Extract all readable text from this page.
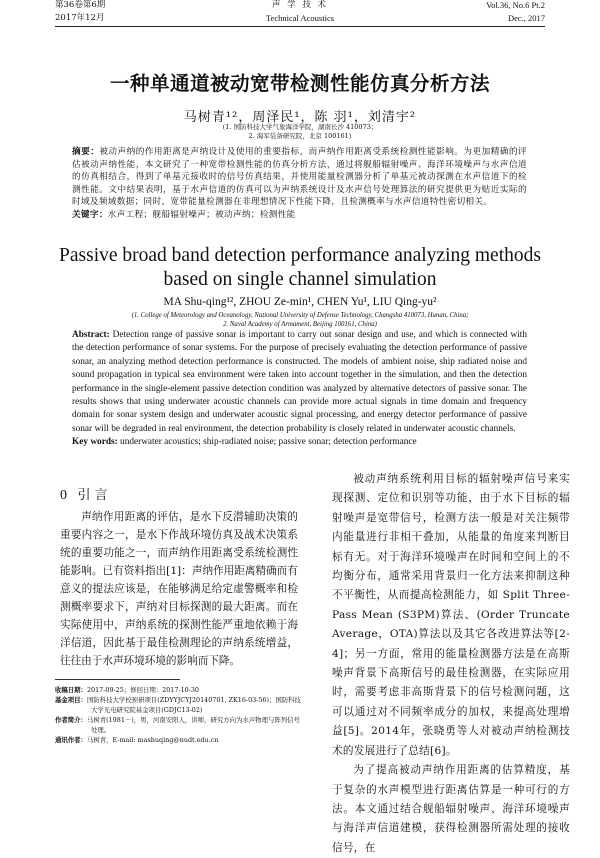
第36卷第6期
2017年12月
声 学 技 术
Technical Acoustics
Vol.36, No.6 Pt.2
Dec., 2017
一种单通道被动宽带检测性能仿真分析方法
马树青¹²，周泽民¹，陈 羽¹，刘清宇²
(1. 国防科技大学气象海洋学院，湖南长沙 410073；
2. 海军装备研究院，北京 100161)
摘要：被动声纳的作用距离是声纳设计及使用的重要指标，而声纳作用距离受系统检测性能影响。为更加精确的评估被动声纳性能，本文研究了一种宽带检测性能的仿真分析方法，通过将舰船辐射噪声、海洋环境噪声与水声信道的仿真相结合，得到了单基元接收时的信号仿真结果，并使用能量检测器分析了单基元被动探测在水声信道下的检测性能。文中结果表明，基于水声信道的仿真可以为声纳系统设计及水声信号处理算法的研究提供更为贴近实际的时域及频域数据；同时，宽带能量检测器在非理想情况下性能下降，且检测概率与水声信道特性密切相关。
关键字：水声工程；舰船辐射噪声；被动声纳；检测性能
Passive broad band detection performance analyzing methods
based on single channel simulation
MA Shu-qing¹², ZHOU Ze-min¹, CHEN Yu¹, LIU Qing-yu²
(1. College of Meteorology and Oceanology, National University of Defense Technology, Changsha 410073, Hunan, China;
2. Naval Academy of Armament, Beijing 100161, China)
Abstract: Detection range of passive sonar is important to carry out sonar design and use, and which is connected with the detection performance of sonar systems. For the purpose of precisely evaluating the detection performance of passive sonar, an analyzing method detection performance is constructed. The models of ambient noise, ship radiated noise and sound propagation in typical sea environment were taken into account together in the simulation, and then the detection performance in the single-element passive detection condition was analyzed by alternative detectors of passive sonar. The results shows that using underwater acoustic channels can provide more actual signals in time domain and frequency domain for sonar system design and underwater acoustic signal processing, and energy detector performance of passive sonar will be degraded in real environment, the detection probability is closely related in underwater acoustic channels.
Key words: underwater acoustics; ship-radiated noise; passive sonar; detection performance
0 引 言

声纳作用距离的评估，是水下反潜辅助决策的重要内容之一，是水下作战环境仿真及战术决策系统的重要功能之一，而声纳作用距离受系统检测性能影响。已有资料指出[1]：声纳作用距离精确而有意义的提法应该是，在能够满足给定虚警概率和检测概率要求下，声纳对目标探测的最大距离。而在实际使用中，声纳系统的探测性能严重地依赖于海洋信道，因此基于最佳检测理论的声纳系统增益，往往由于水声环境环境的影响而下降。

被动声纳系统利用目标的辐射噪声信号来实现探测、定位和识别等功能，由于水下目标的辐射噪声是宽带信号，检测方法一般是对关注频带内能量进行非相干叠加，从能量的角度来判断目标有无。对于海洋环境噪声在时间和空间上的不均衡分布，通常采用背景归一化方法来抑制这种不平衡性，从而提高检测能力，如 Split Three-Pass Mean (S3PM)算法、(Order Truncate Average，OTA)算法以及其它各改进算法等[2-4]；另一方面，常用的能量检测器方法是在高斯噪声背景下高斯信号的最佳检测器，在实际应用时，需要考虑非高斯背景下的信号检测问题，这可以通过对不同频率成分的加权，来提高处理增益[5]。2014年，张晓勇等人对被动声纳检测技术的发展进行了总结[6]。

为了提高被动声纳作用距离的估算精度，基于复杂的水声模型进行距离估算是一种可行的方法。本文通过结合舰船辐射噪声、海洋环境噪声与海洋声信道建模，获得检测器所需处理的接收信号，在

收稿日期：2017-09-25；修回日期：2017-10-30
基金项目：国防科技大学校预研项目(ZDYYJCYJ20140701, ZK16-03-56)；国防科技大学光电研究院基金项目(GDJC13-02)
作者简介：马树青(1981－)，男，河南安阳人，讲师，研究方向为水声物理与阵列信号处理。
通讯作者：马树青，E-mail: mashuqing@nudt.edu.cn
